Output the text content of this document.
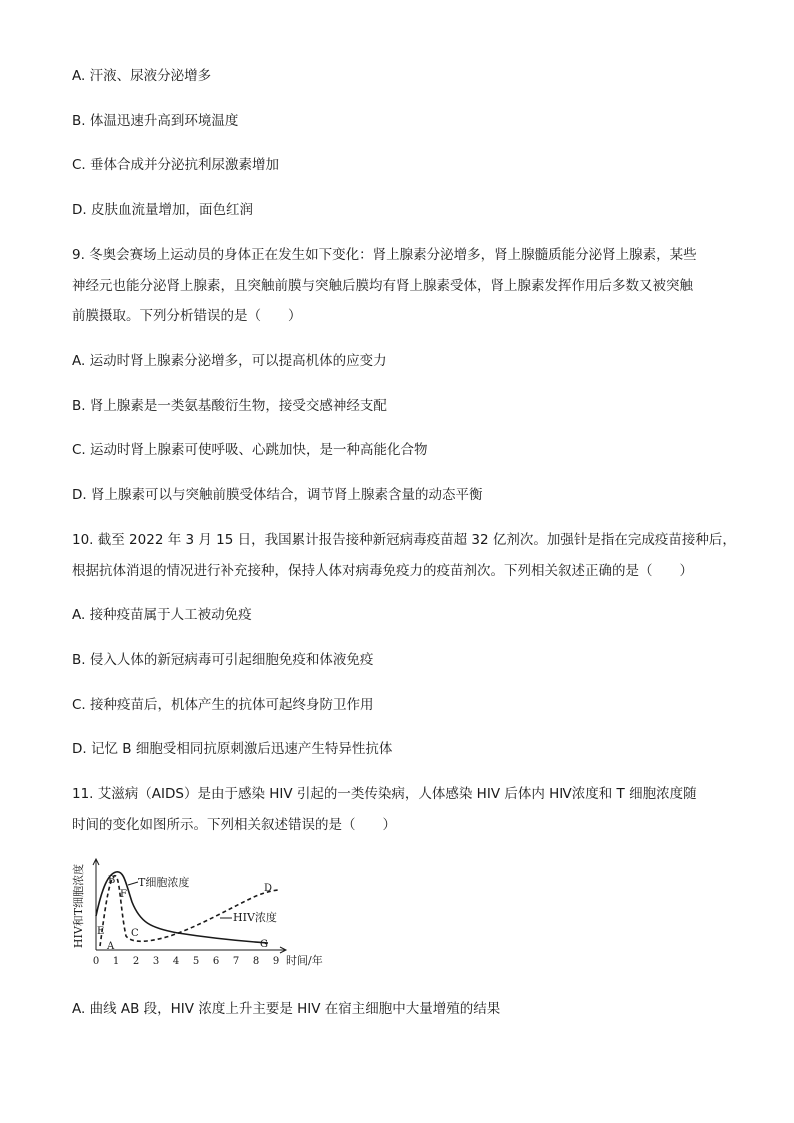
A. 汗液、尿液分泌增多
B. 体温迅速升高到环境温度
C. 垂体合成并分泌抗利尿激素增加
D. 皮肤血流量增加，面色红润
9. 冬奥会赛场上运动员的身体正在发生如下变化：肾上腺素分泌增多，肾上腺髓质能分泌肾上腺素，某些
神经元也能分泌肾上腺素，且突触前膜与突触后膜均有肾上腺素受体，肾上腺素发挥作用后多数又被突触
前膜摄取。下列分析错误的是（　　）
A. 运动时肾上腺素分泌增多，可以提高机体的应变力
B. 肾上腺素是一类氨基酸衍生物，接受交感神经支配
C. 运动时肾上腺素可使呼吸、心跳加快，是一种高能化合物
D. 肾上腺素可以与突触前膜受体结合，调节肾上腺素含量的动态平衡
10. 截至 2022 年 3 月 15 日，我国累计报告接种新冠病毒疫苗超 32 亿剂次。加强针是指在完成疫苗接种后，
根据抗体消退的情况进行补充接种，保持人体对病毒免疫力的疫苗剂次。下列相关叙述正确的是（　　）
A. 接种疫苗属于人工被动免疫
B. 侵入人体的新冠病毒可引起细胞免疫和体液免疫
C. 接种疫苗后，机体产生的抗体可起终身防卫作用
D. 记忆 B 细胞受相同抗原刺激后迅速产生特异性抗体
11. 艾滋病（AIDS）是由于感染 HIV 引起的一类传染病，人体感染 HIV 后体内 HⅣ浓度和 T 细胞浓度随
时间的变化如图所示。下列相关叙述错误的是（　　）
A. 曲线 AB 段，HIV 浓度上升主要是 HIV 在宿主细胞中大量增殖的结果
HIV和T细胞浓度	T细胞浓度
HIV浓度
A
B
C
D
E
F
G
0 1 2 3 4 5 6 7 8 9 时间/年
